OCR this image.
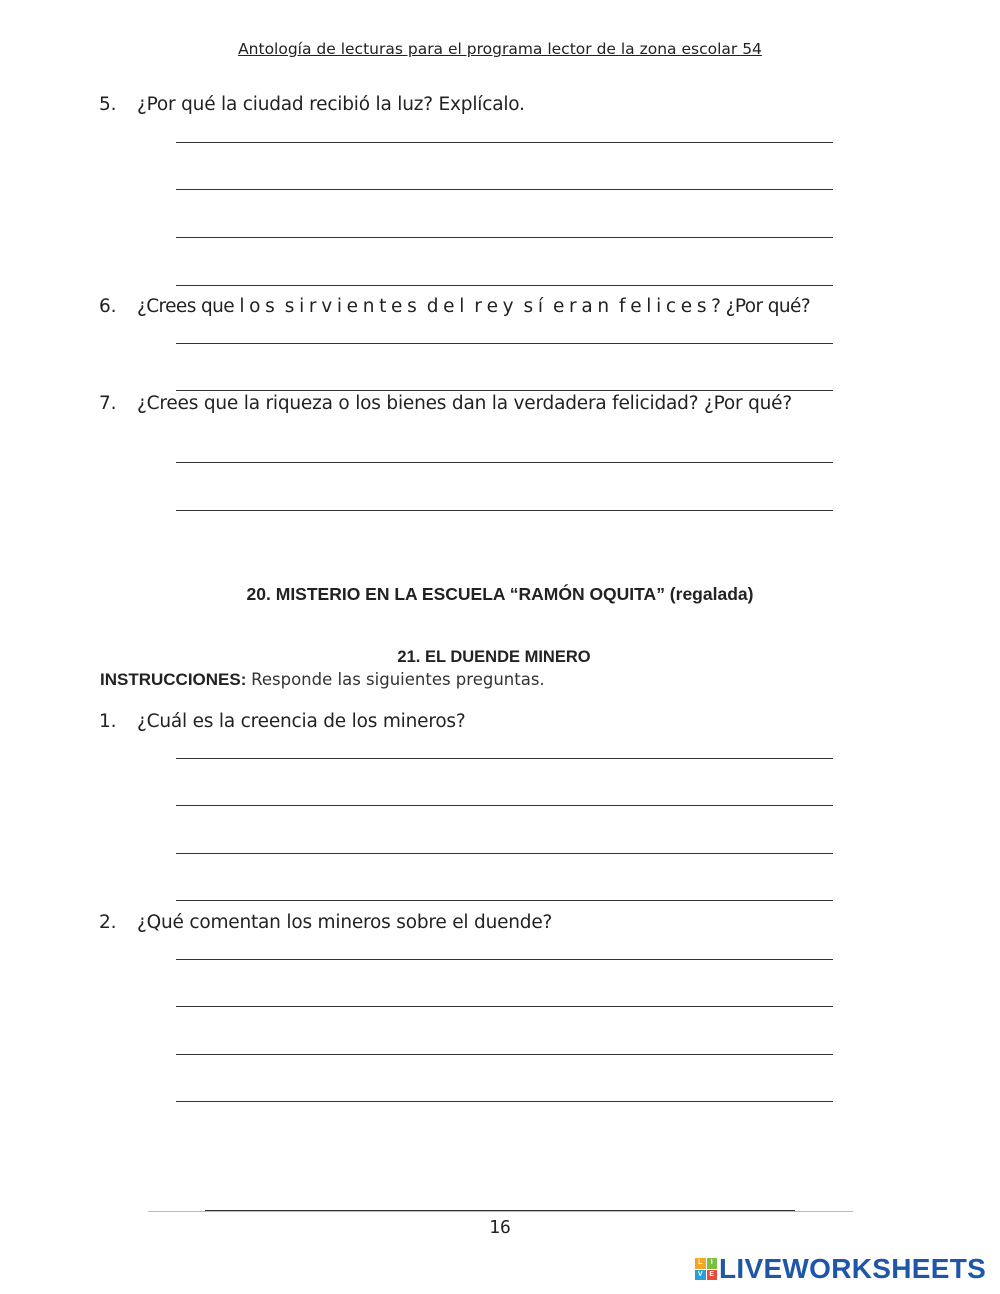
Antología de lecturas para el programa lector de la zona escolar 54
5. ¿Por qué la ciudad recibió la luz? Explícalo.
6. ¿Crees que l o s  s i r v i e n t e s  d e l  r e y  s í  e r a n  f e l i c e s ? ¿Por qué?
7. ¿Crees que la riqueza o los bienes dan la verdadera felicidad? ¿Por qué?
20. MISTERIO EN LA ESCUELA “RAMÓN OQUITA” (regalada)
21. EL DUENDE MINERO
INSTRUCCIONES: Responde las siguientes preguntas.
1. ¿Cuál es la creencia de los mineros?
2. ¿Qué comentan los mineros sobre el duende?
16
L	I
V E LIVEWORKSHEETS
